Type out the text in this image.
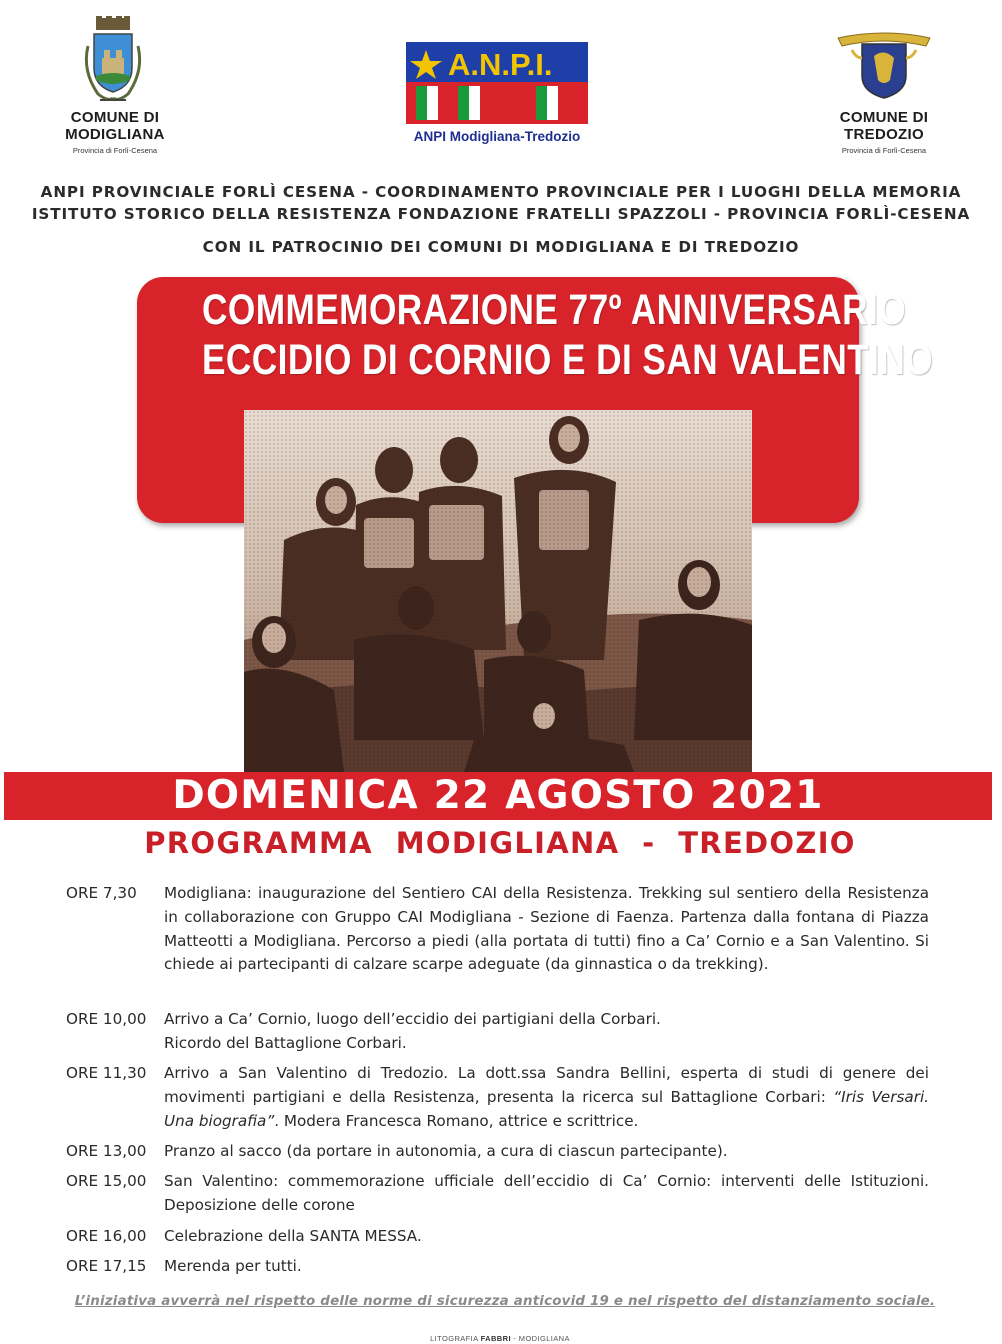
COMUNE DI
MODIGLIANA
Provincia di Forlì-Cesena
A.N.P.I.
ANPI Modigliana-Tredozio
COMUNE DI
TREDOZIO
Provincia di Forlì-Cesena
ANPI PROVINCIALE FORLÌ CESENA - COORDINAMENTO PROVINCIALE PER I LUOGHI DELLA MEMORIA
ISTITUTO STORICO DELLA RESISTENZA FONDAZIONE FRATELLI SPAZZOLI - PROVINCIA FORLÌ-CESENA
CON IL PATROCINIO DEI COMUNI DI MODIGLIANA E DI TREDOZIO
COMMEMORAZIONE 77º ANNIVERSARIO
ECCIDIO DI CORNIO E DI SAN VALENTINO
DOMENICA 22 AGOSTO 2021
PROGRAMMA  MODIGLIANA  -  TREDOZIO
ORE 7,30 Modigliana: inaugurazione del Sentiero CAI della Resistenza. Trekking sul sentiero della Resistenza in collaborazione con Gruppo CAI Modigliana - Sezione di Faenza. Partenza dalla fontana di Piazza Matteotti a Modigliana. Percorso a piedi (alla portata di tutti) fino a Ca’ Cornio e a San Valentino. Si chiede ai partecipanti di calzare scarpe adeguate (da ginnastica o da trekking).
ORE 10,00 Arrivo a Ca’ Cornio, luogo dell’eccidio dei partigiani della Corbari.
Ricordo del Battaglione Corbari.
ORE 11,30 Arrivo a San Valentino di Tredozio. La dott.ssa Sandra Bellini, esperta di studi di genere dei movimenti partigiani e della Resistenza, presenta la ricerca sul Battaglione Corbari: “Iris Versari. Una biografia”. Modera Francesca Romano, attrice e scrittrice.
ORE 13,00 Pranzo al sacco (da portare in autonomia, a cura di ciascun partecipante).
ORE 15,00 San Valentino: commemorazione ufficiale dell’eccidio di Ca’ Cornio: interventi delle Istituzioni. Deposizione delle corone
ORE 16,00 Celebrazione della SANTA MESSA.
ORE 17,15 Merenda per tutti.
L’iniziativa avverrà nel rispetto delle norme di sicurezza anticovid 19 e nel rispetto del distanziamento sociale.
LITOGRAFIA FABBRI - MODIGLIANA
